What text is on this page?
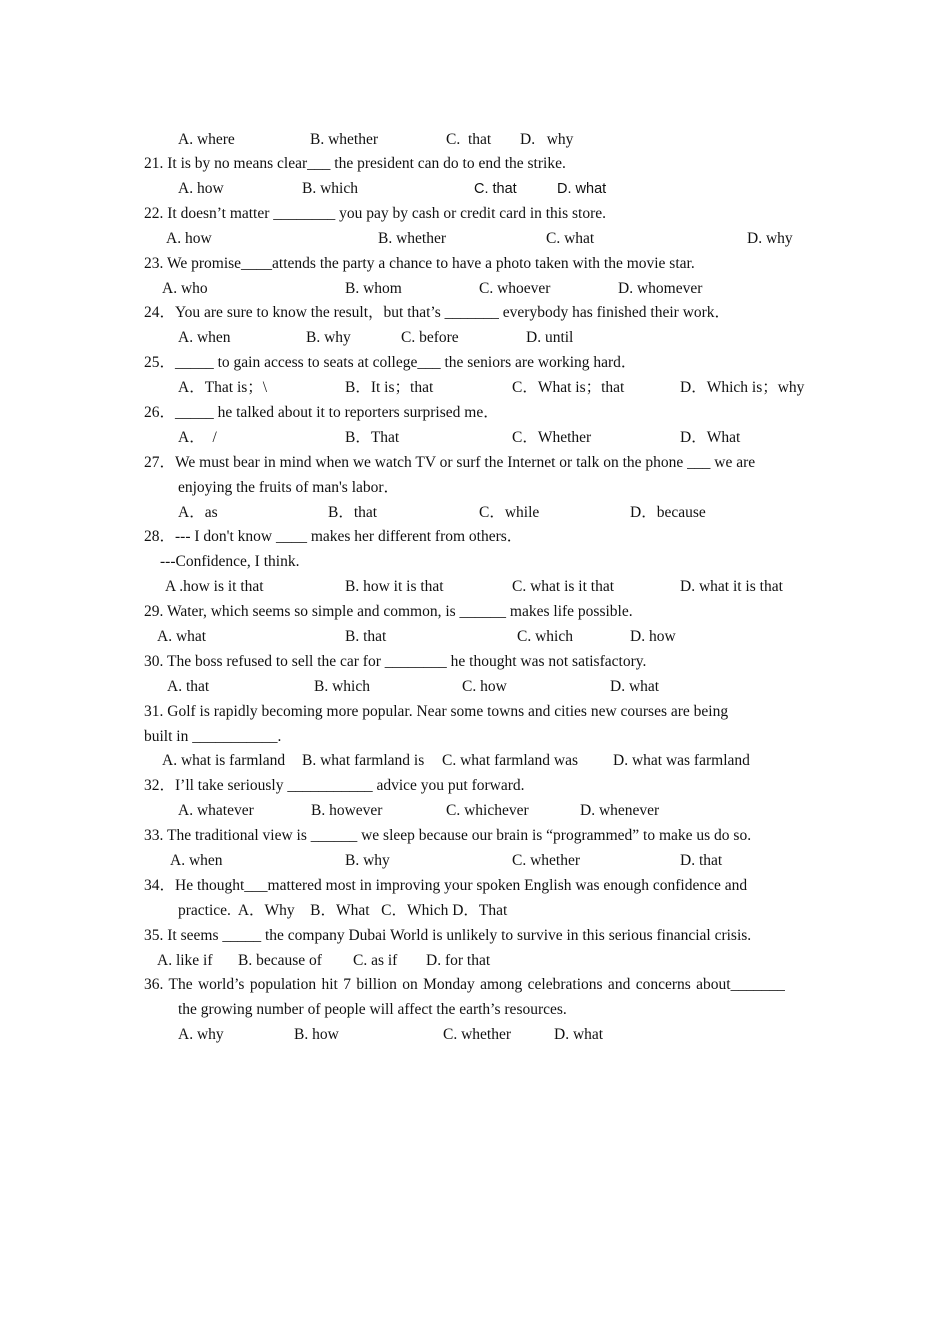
A. where	B. whether	C.  that D.   why
21. It is by no means clear___ the president can do to end the strike.
A. how	B. which	C. that	D. what
22. It doesn’t matter ________ you pay by cash or credit card in this store.
A. how	B. whether	C. what	D. why
23. We promise____attends the party a chance to have a photo taken with the movie star.
A. who	B. whom	C. whoever	D. whomever
24．You are sure to know the result，but that’s _______ everybody has finished their work．
A. when	B. why	C. before	D. until
25．_____ to gain access to seats at college___ the seniors are working hard．
A．That is；\	B．It is；that	C．What is；that	D．Which is；why
26．_____ he talked about it to reporters surprised me．
A．  /	B．That	C．Whether	D．What
27．We must bear in mind when we watch TV or surf the Internet or talk on the phone ___ we are
enjoying the fruits of man's labor．
A．as	B．that	C．while	D．because
28．--- I don't know ____ makes her different from others．
---Confidence, I think.
A .how is it that	B. how it is that	C. what is it that	D. what it is that
29. Water, which seems so simple and common, is ______ makes life possible.
A. what	B. that	C. which	D. how
30. The boss refused to sell the car for ________ he thought was not satisfactory.
A. that	B. which	C. how	D. what
31. Golf is rapidly becoming more popular. Near some towns and cities new courses are being
built in ___________.
A. what is farmland B. what farmland is C. what farmland was D. what was farmland
32．I’ll take seriously ___________ advice you put forward.
A. whatever	B. however	C. whichever	D. whenever
33. The traditional view is ______ we sleep because our brain is “programmed” to make us do so.
A. when	B. why	C. whether	D. that
34．He thought___mattered most in improving your spoken English was enough confidence and
practice.  A．Why    B．What   C．Which D．That
35. It seems _____ the company Dubai World is unlikely to survive in this serious financial crisis.
A. like if B. because of C. as if D. for that
36. The world’s population hit 7 billion on Monday among celebrations and concerns about_______
the growing number of people will affect the earth’s resources.
A. why	B. how	C. whether	D. what
